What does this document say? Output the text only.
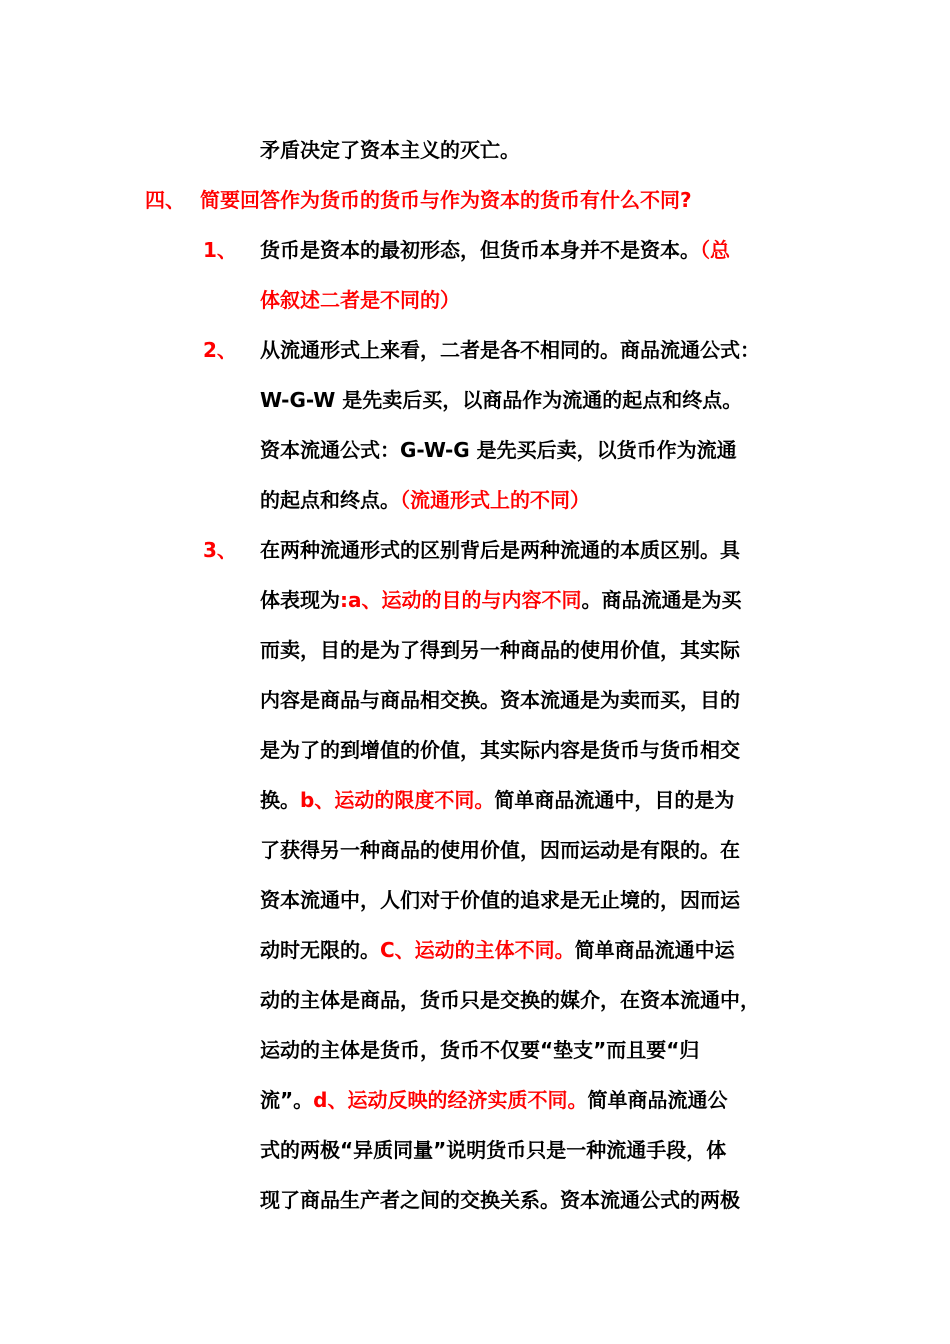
矛盾决定了资本主义的灭亡。
四、 简要回答作为货币的货币与作为资本的货币有什么不同?
1、 货币是资本的最初形态，但货币本身并不是资本。（总
体叙述二者是不同的）
2、 从流通形式上来看，二者是各不相同的。商品流通公式：
W-G-W 是先卖后买，以商品作为流通的起点和终点。
资本流通公式：G-W-G 是先买后卖，以货币作为流通
的起点和终点。（流通形式上的不同）
3、 在两种流通形式的区别背后是两种流通的本质区别。具
体表现为:a、运动的目的与内容不同。商品流通是为买
而卖，目的是为了得到另一种商品的使用价值，其实际
内容是商品与商品相交换。资本流通是为卖而买，目的
是为了的到增值的价值，其实际内容是货币与货币相交
换。b、运动的限度不同。简单商品流通中，目的是为
了获得另一种商品的使用价值，因而运动是有限的。在
资本流通中，人们对于价值的追求是无止境的，因而运
动时无限的。C、运动的主体不同。简单商品流通中运
动的主体是商品，货币只是交换的媒介，在资本流通中，
运动的主体是货币，货币不仅要“垫支”而且要“归
流”。d、运动反映的经济实质不同。简单商品流通公
式的两极“异质同量”说明货币只是一种流通手段，体
现了商品生产者之间的交换关系。资本流通公式的两极
